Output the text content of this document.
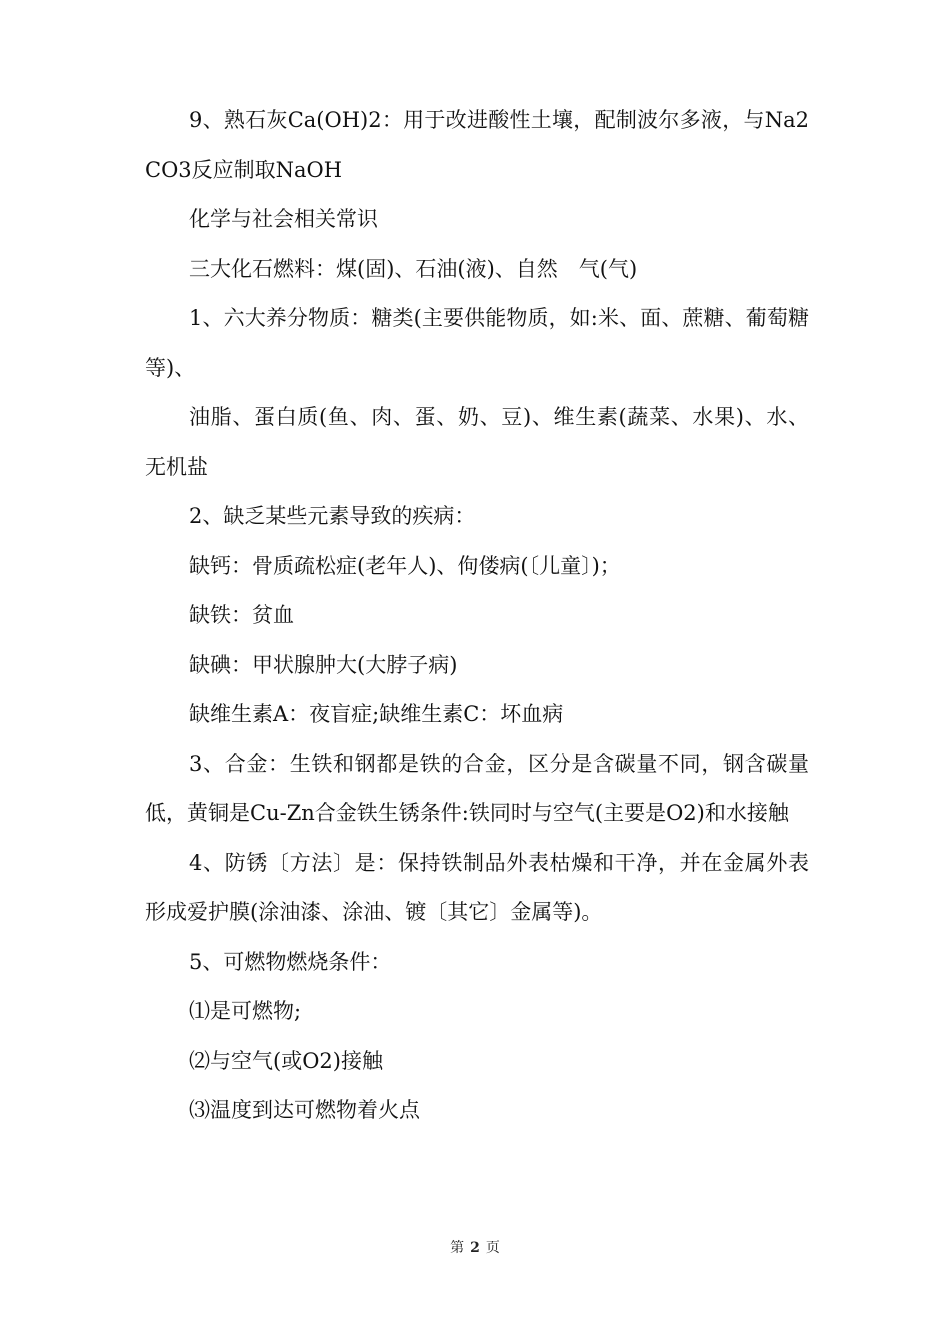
9、熟石灰Ca(OH)2：用于改进酸性土壤，配制波尔多液，与Na2CO3反应制取NaOH

化学与社会相关常识

三大化石燃料：煤(固)、石油(液)、自然　气(气)

1、六大养分物质：糖类(主要供能物质，如:米、面、蔗糖、葡萄糖等)、

油脂、蛋白质(鱼、肉、蛋、奶、豆)、维生素(蔬菜、水果)、水、无机盐

2、缺乏某些元素导致的疾病：

缺钙：骨质疏松症(老年人)、佝偻病(〔儿童〕)；

缺铁：贫血

缺碘：甲状腺肿大(大脖子病)

缺维生素A：夜盲症;缺维生素C：坏血病

3、合金：生铁和钢都是铁的合金，区分是含碳量不同，钢含碳量低，黄铜是Cu-Zn合金铁生锈条件:铁同时与空气(主要是O2)和水接触

4、防锈〔方法〕是：保持铁制品外表枯燥和干净，并在金属外表形成爱护膜(涂油漆、涂油、镀〔其它〕金属等)。

5、可燃物燃烧条件：

⑴是可燃物;

⑵与空气(或O2)接触

⑶温度到达可燃物着火点

第 2 页
